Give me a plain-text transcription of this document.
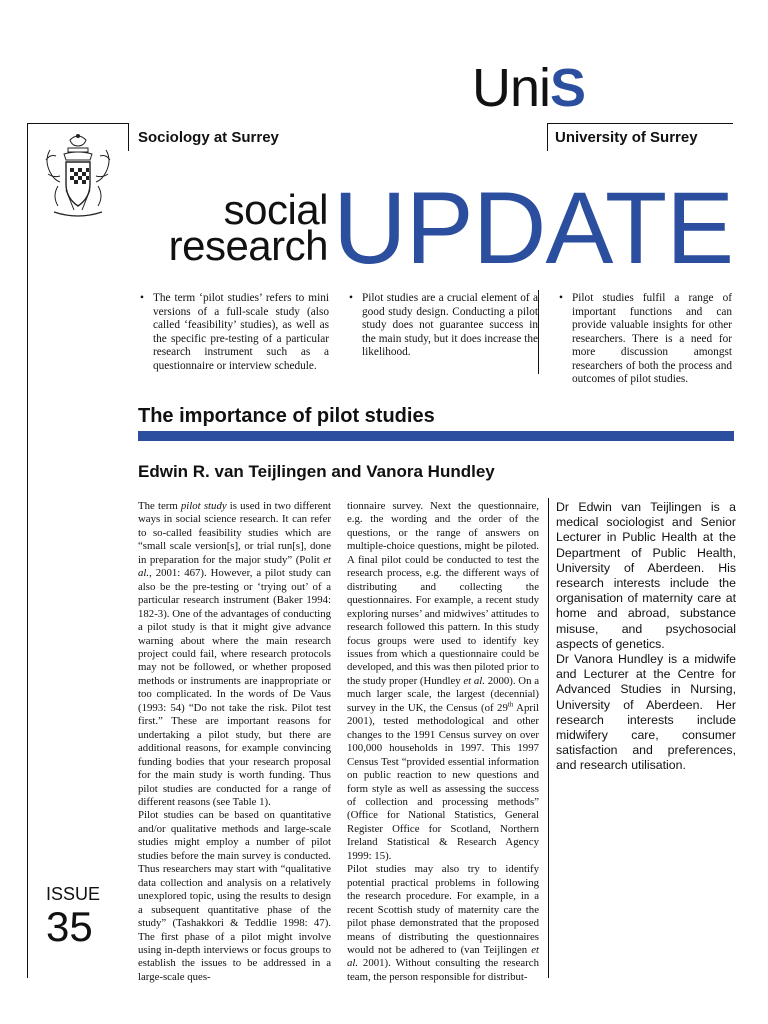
UniS
Sociology at Surrey	University of Surrey
social
research UPDATE
• The term ‘pilot studies’ refers to mini versions of a full-scale study (also called ‘feasibility’ studies), as well as the specific pre-testing of a particular research instrument such as a questionnaire or interview schedule.
• Pilot studies are a crucial element of a good study design. Conducting a pilot study does not guarantee success in the main study, but it does increase the likelihood.
• Pilot studies fulfil a range of important functions and can provide valuable insights for other researchers. There is a need for more discussion amongst researchers of both the process and outcomes of pilot studies.
The importance of pilot studies
Edwin R. van Teijlingen and Vanora Hundley

The term pilot study is used in two different ways in social science research. It can refer to so-called feasibility studies which are “small scale version[s], or trial run[s], done in preparation for the major study” (Polit et al., 2001: 467). However, a pilot study can also be the pre-testing or ‘trying out’ of a particular research instrument (Baker 1994: 182-3). One of the advantages of conducting a pilot study is that it might give advance warning about where the main research project could fail, where research protocols may not be followed, or whether proposed methods or instruments are inappropriate or too complicated. In the words of De Vaus (1993: 54) “Do not take the risk. Pilot test first.” These are important reasons for undertaking a pilot study, but there are additional reasons, for example convincing funding bodies that your research proposal for the main study is worth funding. Thus pilot studies are conducted for a range of different reasons (see Table 1).

Pilot studies can be based on quantitative and/or qualitative methods and large-scale studies might employ a number of pilot studies before the main survey is conducted. Thus researchers may start with “qualitative data collection and analysis on a relatively unexplored topic, using the results to design a subsequent quantitative phase of the study” (Tashakkori & Teddlie 1998: 47). The first phase of a pilot might involve using in-depth interviews or focus groups to establish the issues to be addressed in a large-scale ques-

tionnaire survey. Next the questionnaire, e.g. the wording and the order of the questions, or the range of answers on multiple-choice questions, might be piloted. A final pilot could be conducted to test the research process, e.g. the different ways of distributing and collecting the questionnaires. For example, a recent study exploring nurses’ and midwives’ attitudes to research followed this pattern. In this study focus groups were used to identify key issues from which a questionnaire could be developed, and this was then piloted prior to the study proper (Hundley et al. 2000). On a much larger scale, the largest (decennial) survey in the UK, the Census (of 29th April 2001), tested methodological and other changes to the 1991 Census survey on over 100,000 households in 1997. This 1997 Census Test “provided essential information on public reaction to new questions and form style as well as assessing the success of collection and processing methods” (Office for National Statistics, General Register Office for Scotland, Northern Ireland Statistical & Research Agency 1999: 15).

Pilot studies may also try to identify potential practical problems in following the research procedure. For example, in a recent Scottish study of maternity care the pilot phase demonstrated that the proposed means of distributing the questionnaires would not be adhered to (van Teijlingen et al. 2001). Without consulting the research team, the person responsible for distribut-

Dr Edwin van Teijlingen is a medical sociologist and Senior Lecturer in Public Health at the Department of Public Health, University of Aberdeen. His research interests include the organisation of maternity care at home and abroad, substance misuse, and psychosocial aspects of genetics.

Dr Vanora Hundley is a midwife and Lecturer at the Centre for Advanced Studies in Nursing, University of Aberdeen. Her research interests include midwifery care, consumer satisfaction and preferences, and research utilisation.

ISSUE
35
